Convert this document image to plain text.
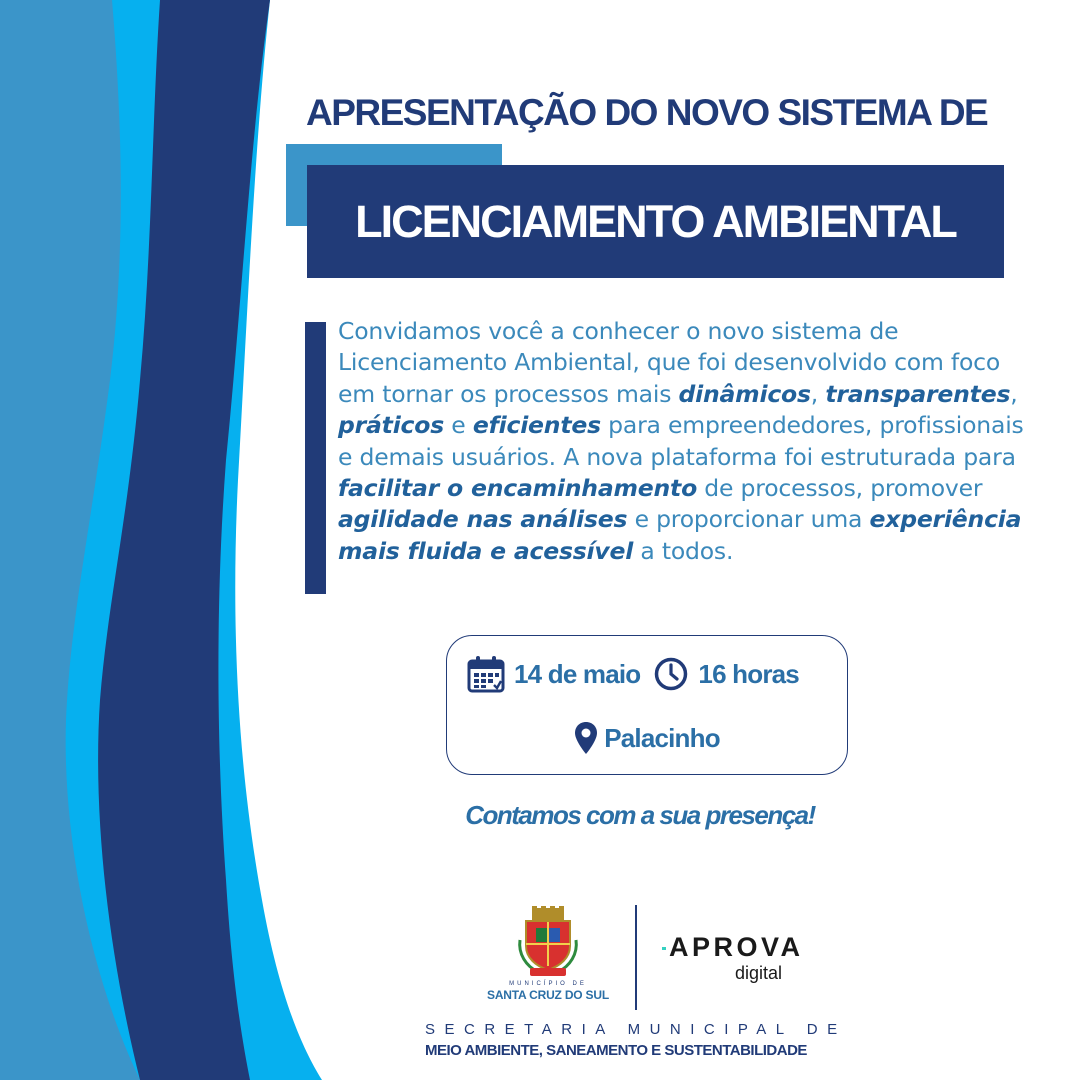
APRESENTAÇÃO DO NOVO SISTEMA DE
LICENCIAMENTO AMBIENTAL

Convidamos você a conhecer o novo sistema de Licenciamento Ambiental, que foi desenvolvido com foco em tornar os processos mais dinâmicos, transparentes, práticos e eficientes para empreendedores, profissionais e demais usuários. A nova plataforma foi estruturada para facilitar o encaminhamento de processos, promover agilidade nas análises e proporcionar uma experiência mais fluida e acessível a todos.

14 de maio 16 horas
Palacinho

Contamos com a sua presença!

MUNICÍPIO DE
SANTA CRUZ DO SUL

APROVA

digital
SECRETARIA MUNICIPAL DE
MEIO AMBIENTE, SANEAMENTO E SUSTENTABILIDADE
